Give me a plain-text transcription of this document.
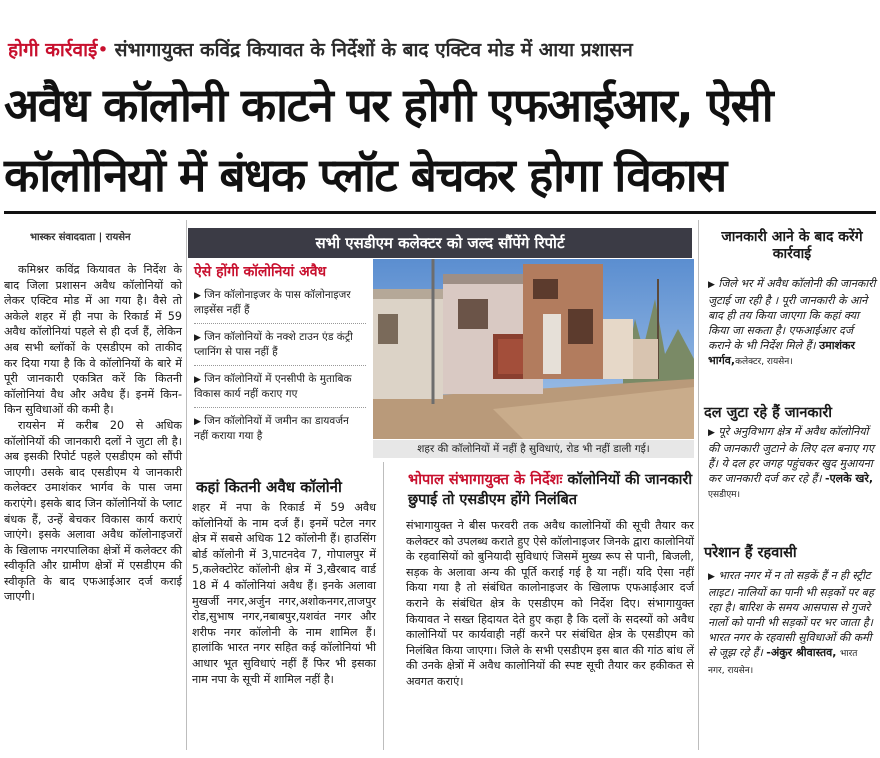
होगी कार्रवाई• संभागायुक्त कविंद्र कियावत के निर्देशों के बाद एक्टिव मोड में आया प्रशासन
अवैध कॉलोनी काटने पर होगी एफआईआर, ऐसी
कॉलोनियों में बंधक प्लॉट बेचकर होगा विकास
भास्कर संवाददाता | रायसेन

कमिश्नर कविंद्र कियावत के निर्देश के बाद जिला प्रशासन अवैध कॉलोनियों को लेकर एक्टिव मोड में आ गया है। वैसे तो अकेले शहर में ही नपा के रिकार्ड में 59 अवैध कॉलोनियां पहले से ही दर्ज हैं, लेकिन अब सभी ब्लॉकों के एसडीएम को ताकीद कर दिया गया है कि वे कॉलोनियों के बारे में पूरी जानकारी एकत्रित करें कि कितनी कॉलोनियां वैध और अवैध हैं। इनमें किन-किन सुविधाओं की कमी है।

रायसेन में करीब 20 से अधिक कॉलोनियों की जानकारी दलों ने जुटा ली है। अब इसकी रिपोर्ट पहले एसडीएम को सौंपी जाएगी। उसके बाद एसडीएम ये जानकारी कलेक्टर उमाशंकर भार्गव के पास जमा कराएंगे। इसके बाद जिन कॉलोनियों के प्लाट बंधक हैं, उन्हें बेचकर विकास कार्य कराएं जाएंगे। इसके अलावा अवैध कॉलोनाइजरों के खिलाफ नगरपालिका क्षेत्रों में कलेक्टर की स्वीकृति और ग्रामीण क्षेत्रों में एसडीएम की स्वीकृति के बाद एफआईआर दर्ज कराई जाएगी।

सभी एसडीएम कलेक्टर को जल्द सौंपेंगे रिपोर्ट
ऐसे होंगी कॉलोनियां अवैध
▶ जिन कॉलोनाइजर के पास कॉलोनाइजर लाइसेंस नहीं हैं
▶ जिन कॉलोनियों के नक्शे टाउन एंड कंट्री प्लानिंग से पास नहीं हैं
▶ जिन कॉलोनियों में एनसीपी के मुताबिक विकास कार्य नहीं कराए गए
▶ जिन कॉलोनियों में जमीन का डायवर्जन नहीं कराया गया है
शहर की कॉलोनियों में नहीं है सुविधाएं, रोड भी नहीं डाली गई।
कहां कितनी अवैध कॉलोनी
शहर में नपा के रिकार्ड में 59 अवैध कॉलोनियों के नाम दर्ज हैं। इनमें पटेल नगर क्षेत्र में सबसे अधिक 12 कॉलोनी हैं। हाउसिंग बोर्ड कॉलोनी में 3,पाटनदेव 7, गोपालपुर में 5,कलेक्टोरेट कॉलोनी क्षेत्र में 3,खैरबाद वार्ड 18 में 4 कॉलोनियां अवैध हैं। इनके अलावा मुखर्जी नगर,अर्जुन नगर,अशोकनगर,ताजपुर रोड,सुभाष नगर,नबाबपुर,यशवंत नगर और शरीफ नगर कॉलोनी के नाम शामिल हैं। हालांकि भारत नगर सहित कई कॉलोनियां भी आधार भूत सुविधाएं नहीं हैं फिर भी इसका नाम नपा के सूची में शामिल नहीं है।
भोपाल संभागायुक्त के निर्देशः कॉलोनियों की जानकारी छुपाई तो एसडीएम होंगे निलंबित
संभागायुक्त ने बीस फरवरी तक अवैध कालोनियों की सूची तैयार कर कलेक्टर को उपलब्ध कराते हुए ऐसे कॉलोनाइजर जिनके द्वारा कालोनियों के रहवासियों को बुनियादी सुविधाएं जिसमें मुख्य रूप से पानी, बिजली, सड़क के अलावा अन्य की पूर्ति कराई गई है या नहीं। यदि ऐसा नहीं किया गया है तो संबंधित कालोनाइजर के खिलाफ एफआईआर दर्ज कराने के संबंधित क्षेत्र के एसडीएम को निर्देश दिए। संभागायुक्त कियावत ने सख्त हिदायत देते हुए कहा है कि दलों के सदस्यों को अवैध कालोनियों पर कार्यवाही नहीं करने पर संबंधित क्षेत्र के एसडीएम को निलंबित किया जाएगा। जिले के सभी एसडीएम इस बात की गांठ बांध लें की उनके क्षेत्रों में अवैध कालोनियों की स्पष्ट सूची तैयार कर हकीकत से अवगत कराएं।
जानकारी आने के बाद करेंगे कार्रवाई
▶ जिले भर में अवैध कॉलोनी की जानकारी जुटाई जा रही है । पूरी जानकारी के आने बाद ही तय किया जाएगा कि कहां क्या किया जा सकता है। एफआईआर दर्ज कराने के भी निर्देश मिले हैं। उमाशंकर भार्गव,कलेक्टर, रायसेन।
दल जुटा रहे हैं जानकारी
▶ पूरे अनुविभाग क्षेत्र में अवैध कॉलोनियों की जानकारी जुटाने के लिए दल बनाए गए हैं। ये दल हर जगह पहुंचकर खुद मुआयना कर जानकारी दर्ज कर रहे हैं। -एलके खरे, एसडीएम।
परेशान हैं रहवासी
▶ भारत नगर में न तो सड़कें हैं न ही स्ट्रीट लाइट। नालियों का पानी भी सड़कों पर बह रहा है। बारिश के समय आसपास से गुजरे नालों को पानी भी सड़कों पर भर जाता है। भारत नगर के रहवासी सुविधाओं की कमी से जूझ रहे हैं। -अंकुर श्रीवास्तव, भारत नगर, रायसेन।
